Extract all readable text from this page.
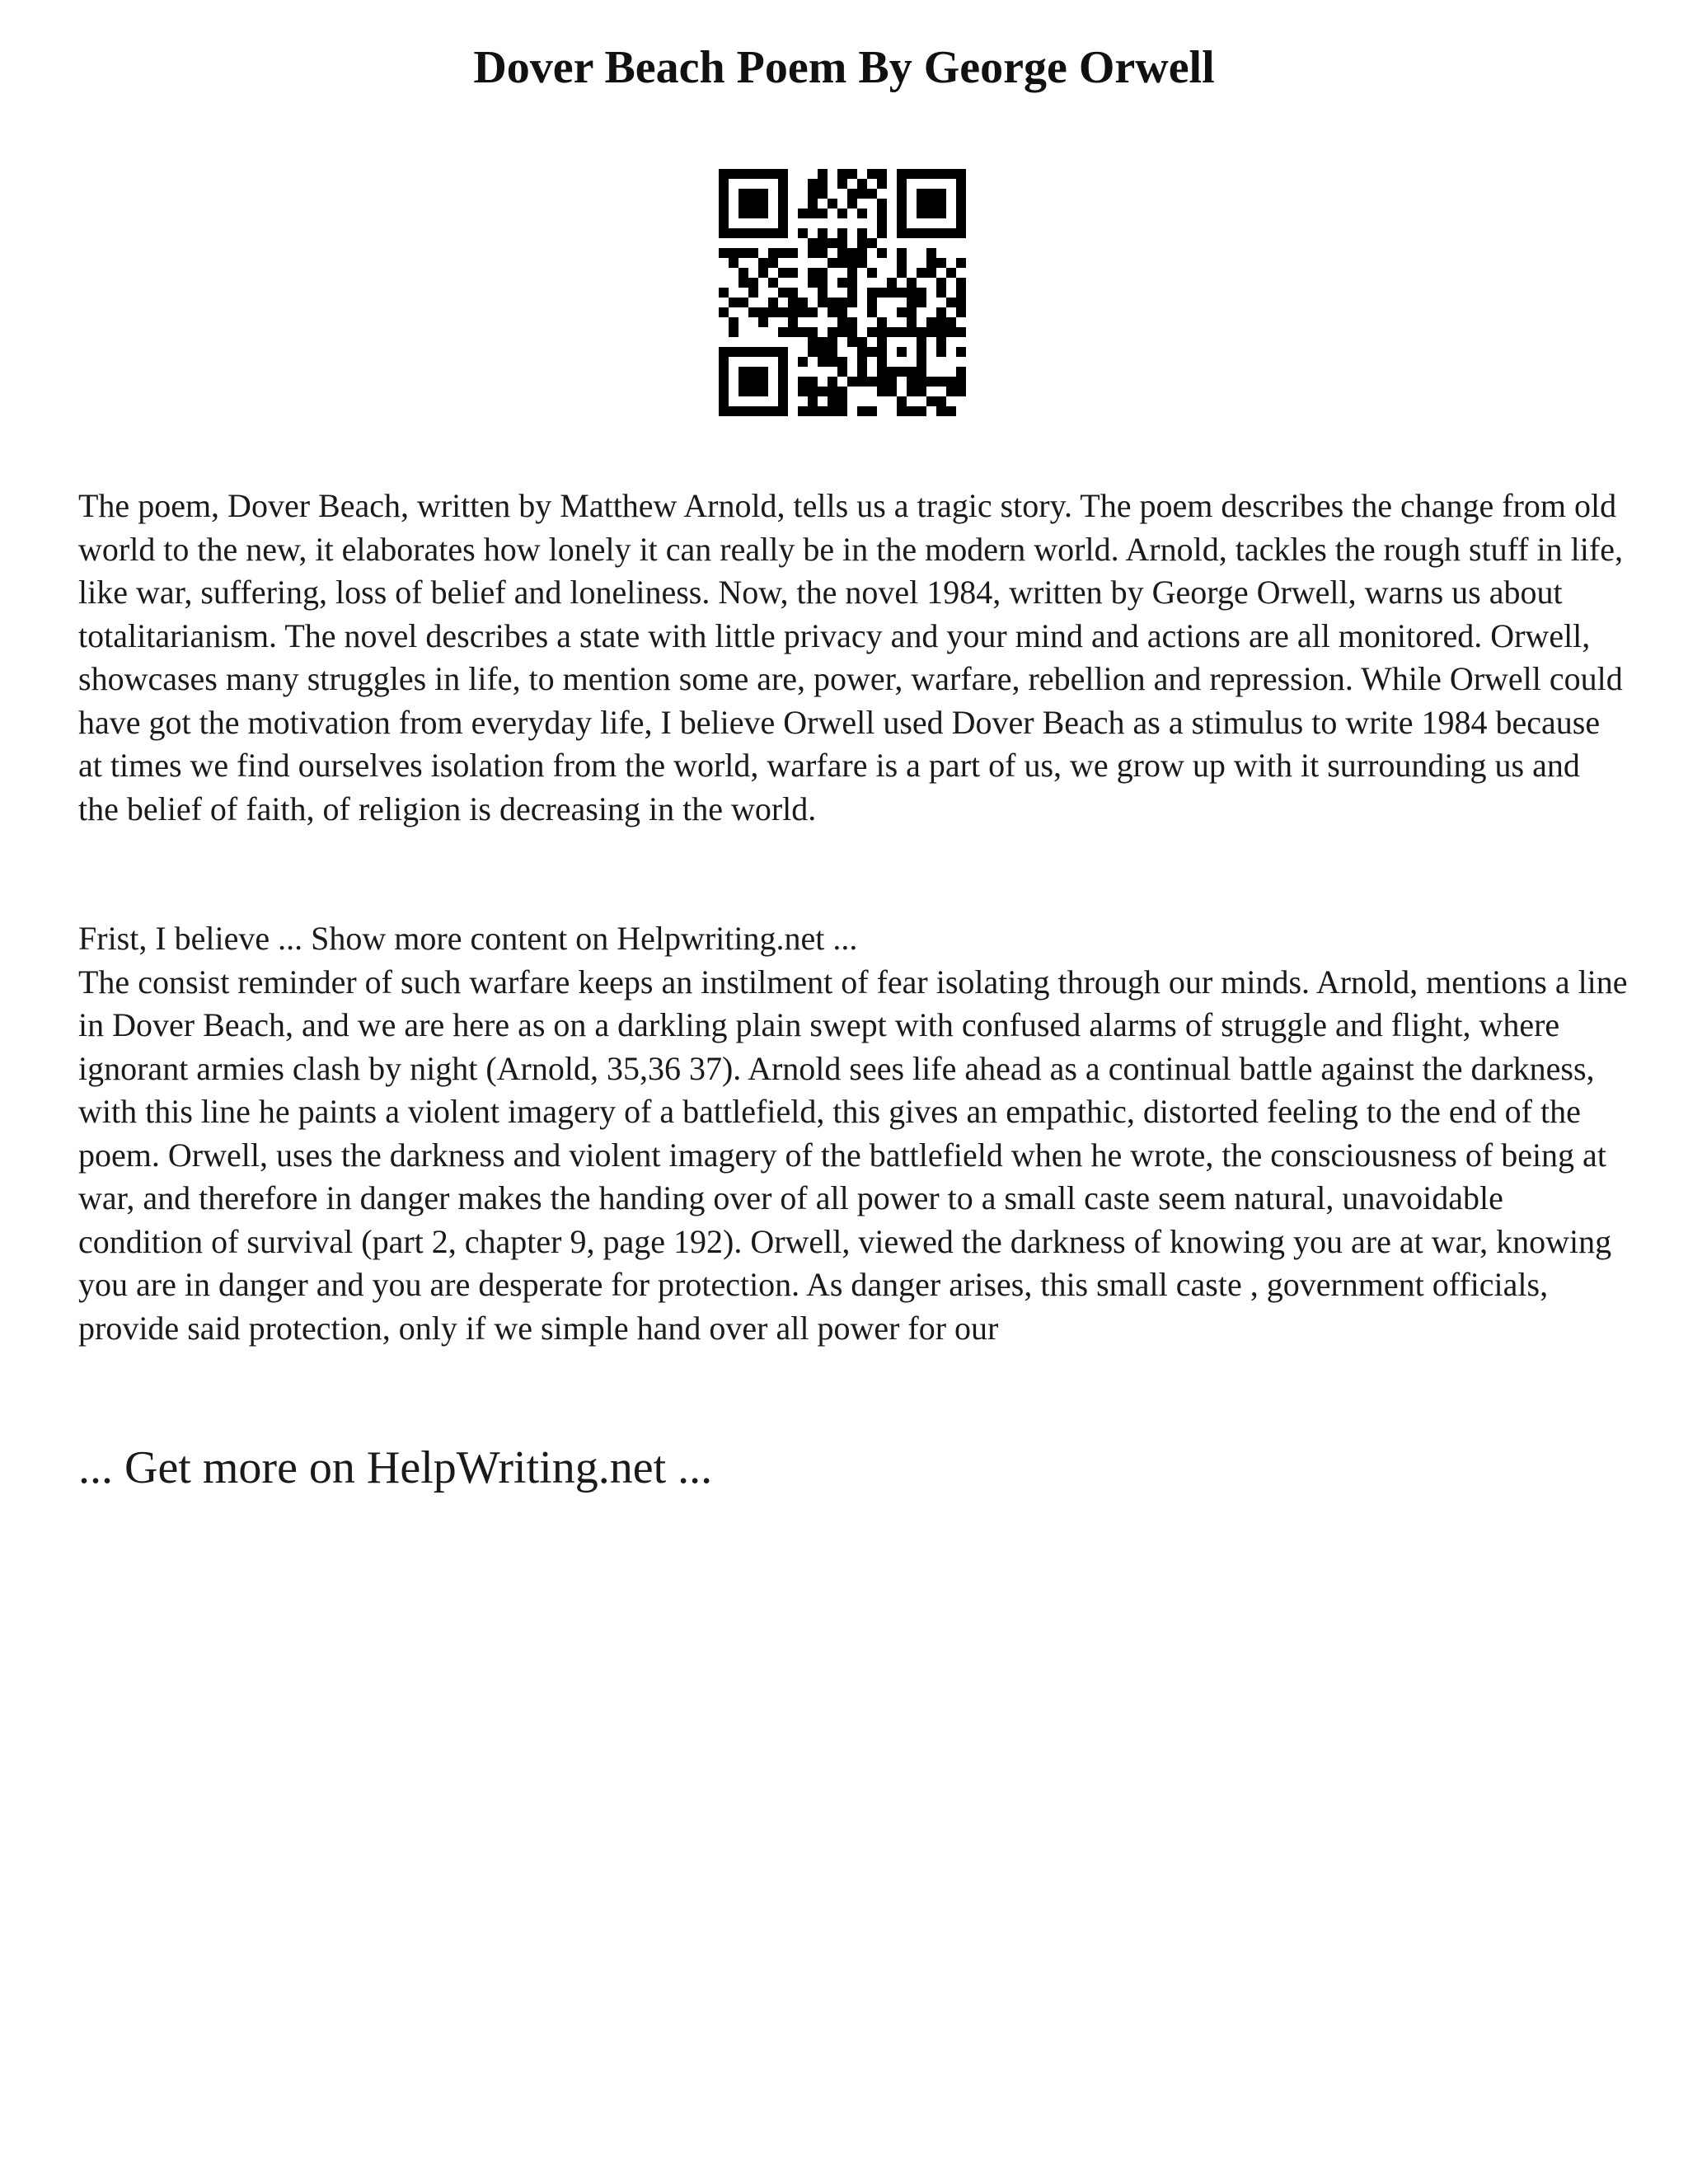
Dover Beach Poem By George Orwell

The poem, Dover Beach, written by Matthew Arnold, tells us a tragic story. The poem describes the change from old world to the new, it elaborates how lonely it can really be in the modern world. Arnold, tackles the rough stuff in life, like war, suffering, loss of belief and loneliness. Now, the novel 1984, written by George Orwell, warns us about totalitarianism. The novel describes a state with little privacy and your mind and actions are all monitored. Orwell, showcases many struggles in life, to mention some are, power, warfare, rebellion and repression. While Orwell could have got the motivation from everyday life, I believe Orwell used Dover Beach as a stimulus to write 1984 because at times we find ourselves isolation from the world, warfare is a part of us, we grow up with it surrounding us and the belief of faith, of religion is decreasing in the world.

Frist, I believe ... Show more content on Helpwriting.net ...
The consist reminder of such warfare keeps an instilment of fear isolating through our minds. Arnold, mentions a line in Dover Beach, and we are here as on a darkling plain swept with confused alarms of struggle and flight, where ignorant armies clash by night (Arnold, 35,36 37). Arnold sees life ahead as a continual battle against the darkness, with this line he paints a violent imagery of a battlefield, this gives an empathic, distorted feeling to the end of the poem. Orwell, uses the darkness and violent imagery of the battlefield when he wrote, the consciousness of being at war, and therefore in danger makes the handing over of all power to a small caste seem natural, unavoidable condition of survival (part 2, chapter 9, page 192). Orwell, viewed the darkness of knowing you are at war, knowing you are in danger and you are desperate for protection. As danger arises, this small caste , government officials, provide said protection, only if we simple hand over all power for our

... Get more on HelpWriting.net ...
